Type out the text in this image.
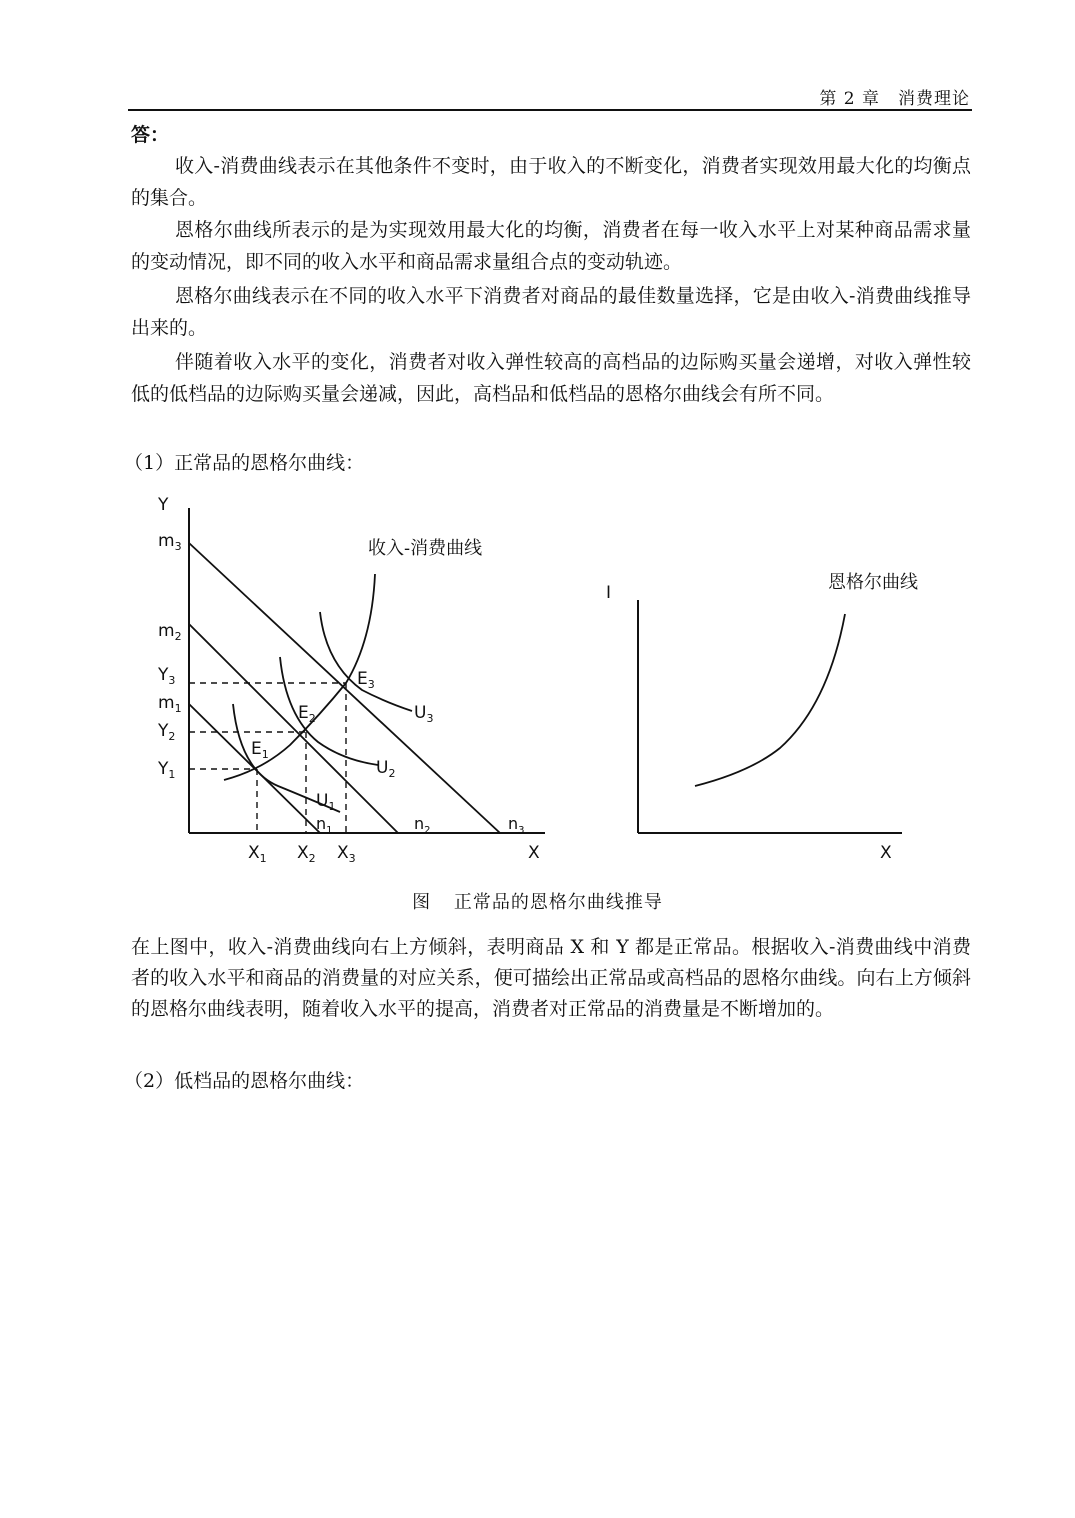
第 2 章　消费理论
答：

收入-消费曲线表示在其他条件不变时，由于收入的不断变化，消费者实现效用最大化的均衡点的集合。

恩格尔曲线所表示的是为实现效用最大化的均衡，消费者在每一收入水平上对某种商品需求量的变动情况，即不同的收入水平和商品需求量组合点的变动轨迹。

恩格尔曲线表示在不同的收入水平下消费者对商品的最佳数量选择，它是由收入-消费曲线推导出来的。

伴随着收入水平的变化，消费者对收入弹性较高的高档品的边际购买量会递增，对收入弹性较低的低档品的边际购买量会递减，因此，高档品和低档品的恩格尔曲线会有所不同。

（1）正常品的恩格尔曲线：
Y
X
收入-消费曲线
$m_3$
$m_2$
$m_1$
$Y_3$
$Y_2$
$Y_1$
$X_1$ $X_2$ $X_3$
$n_1$	$n_2$	$n_3$
$E_1$
$E_2$
$E_3$
$U_1$
$U_2$
$U_3$
I
X
恩格尔曲线
图 正常品的恩格尔曲线推导

在上图中，收入-消费曲线向右上方倾斜，表明商品 X 和 Y 都是正常品。根据收入-消费曲线中消费者的收入水平和商品的消费量的对应关系，便可描绘出正常品或高档品的恩格尔曲线。向右上方倾斜的恩格尔曲线表明，随着收入水平的提高，消费者对正常品的消费量是不断增加的。

（2）低档品的恩格尔曲线：
